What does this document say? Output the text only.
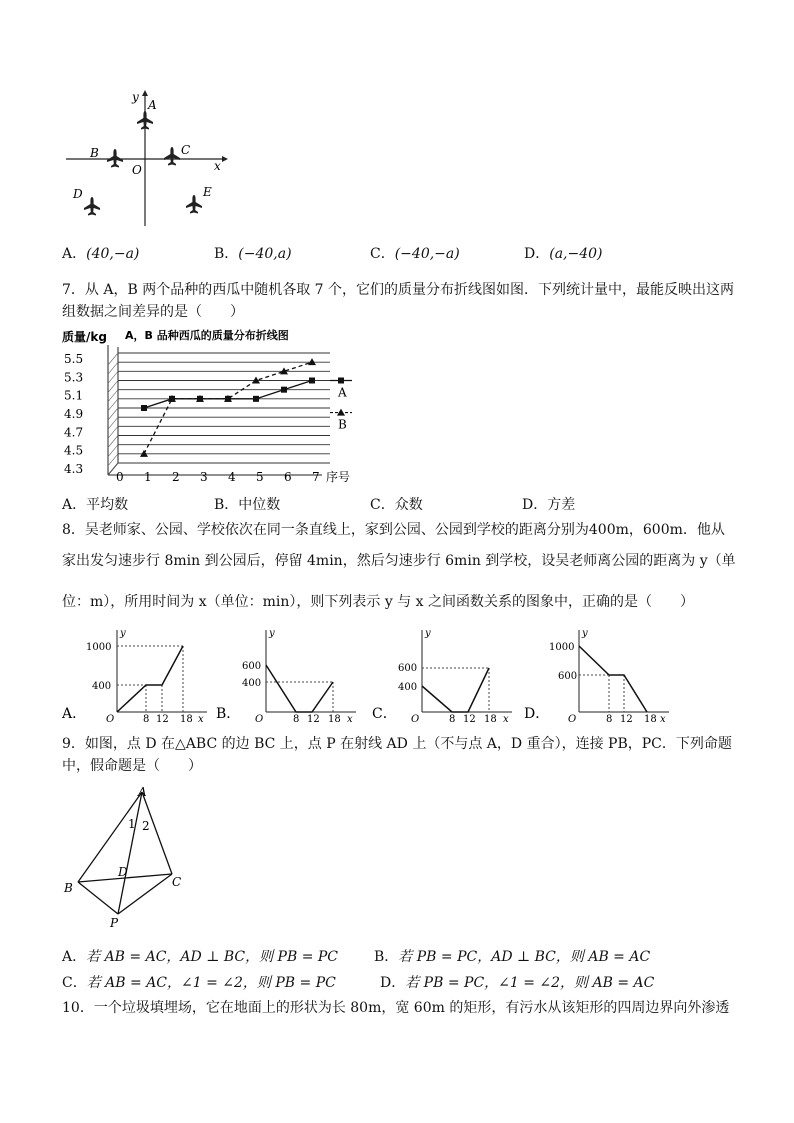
y
x
O
A
B	C
D	E
A．(40,−a)	B．(−40,a)	C．(−40,−a)	D．(a,−40)
7．从 A，B 两个品种的西瓜中随机各取 7 个，它们的质量分布折线图如图．下列统计量中，最能反映出这两
组数据之间差异的是（　　）
质量/kg A，B 品种西瓜的质量分布折线图
5.5
5.3
5.1
4.9
4.7
4.5
4.3
0 1 2 3 4 5 6 7 序号
A
B
A．平均数	B．中位数	C．众数	D．方差
8．吴老师家、公园、学校依次在同一条直线上，家到公园、公园到学校的距离分别为400m，600m．他从
家出发匀速步行 8min 到公园后，停留 4min，然后匀速步行 6min 到学校，设吴老师离公园的距离为 y（单
位：m），所用时间为 x（单位：min），则下列表示 y 与 x 之间函数关系的图象中，正确的是（　　）
A．
y
x
O
1000
400
8 12 18 B．
y
x
O
600
400
8 12 18 C．
y
x
O
600
400
8 12 18 D．
y
x
O
1000
600
8 12 18
9．如图，点 D 在△ABC 的边 BC 上，点 P 在射线 AD 上（不与点 A，D 重合），连接 PB，PC．下列命题
中，假命题是（　　）
A
B	C
D
P
1 2
A．若 AB = AC，AD ⊥ BC，则 PB = PC	B．若 PB = PC，AD ⊥ BC，则 AB = AC
C．若 AB = AC，∠1 = ∠2，则 PB = PC	D．若 PB = PC，∠1 = ∠2，则 AB = AC
10．一个垃圾填埋场，它在地面上的形状为长 80m，宽 60m 的矩形，有污水从该矩形的四周边界向外渗透
